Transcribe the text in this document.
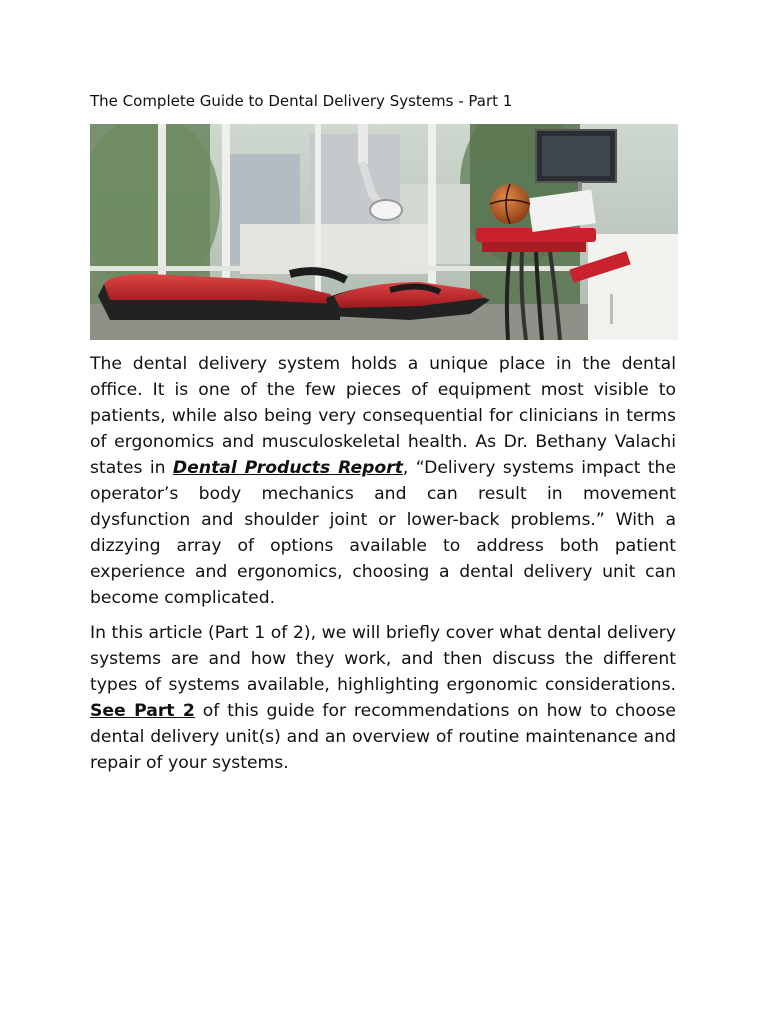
The Complete Guide to Dental Delivery Systems - Part 1

The dental delivery system holds a unique place in the dental office. It is one of the few pieces of equipment most visible to patients, while also being very consequential for clinicians in terms of ergonomics and musculoskeletal health. As Dr. Bethany Valachi states in Dental Products Report, “Delivery systems impact the operator’s body mechanics and can result in movement dysfunction and shoulder joint or lower-back problems.” With a dizzying array of options available to address both patient experience and ergonomics, choosing a dental delivery unit can become complicated.

In this article (Part 1 of 2), we will briefly cover what dental delivery systems are and how they work, and then discuss the different types of systems available, highlighting ergonomic considerations. See Part 2 of this guide for recommendations on how to choose dental delivery unit(s) and an overview of routine maintenance and repair of your systems.
